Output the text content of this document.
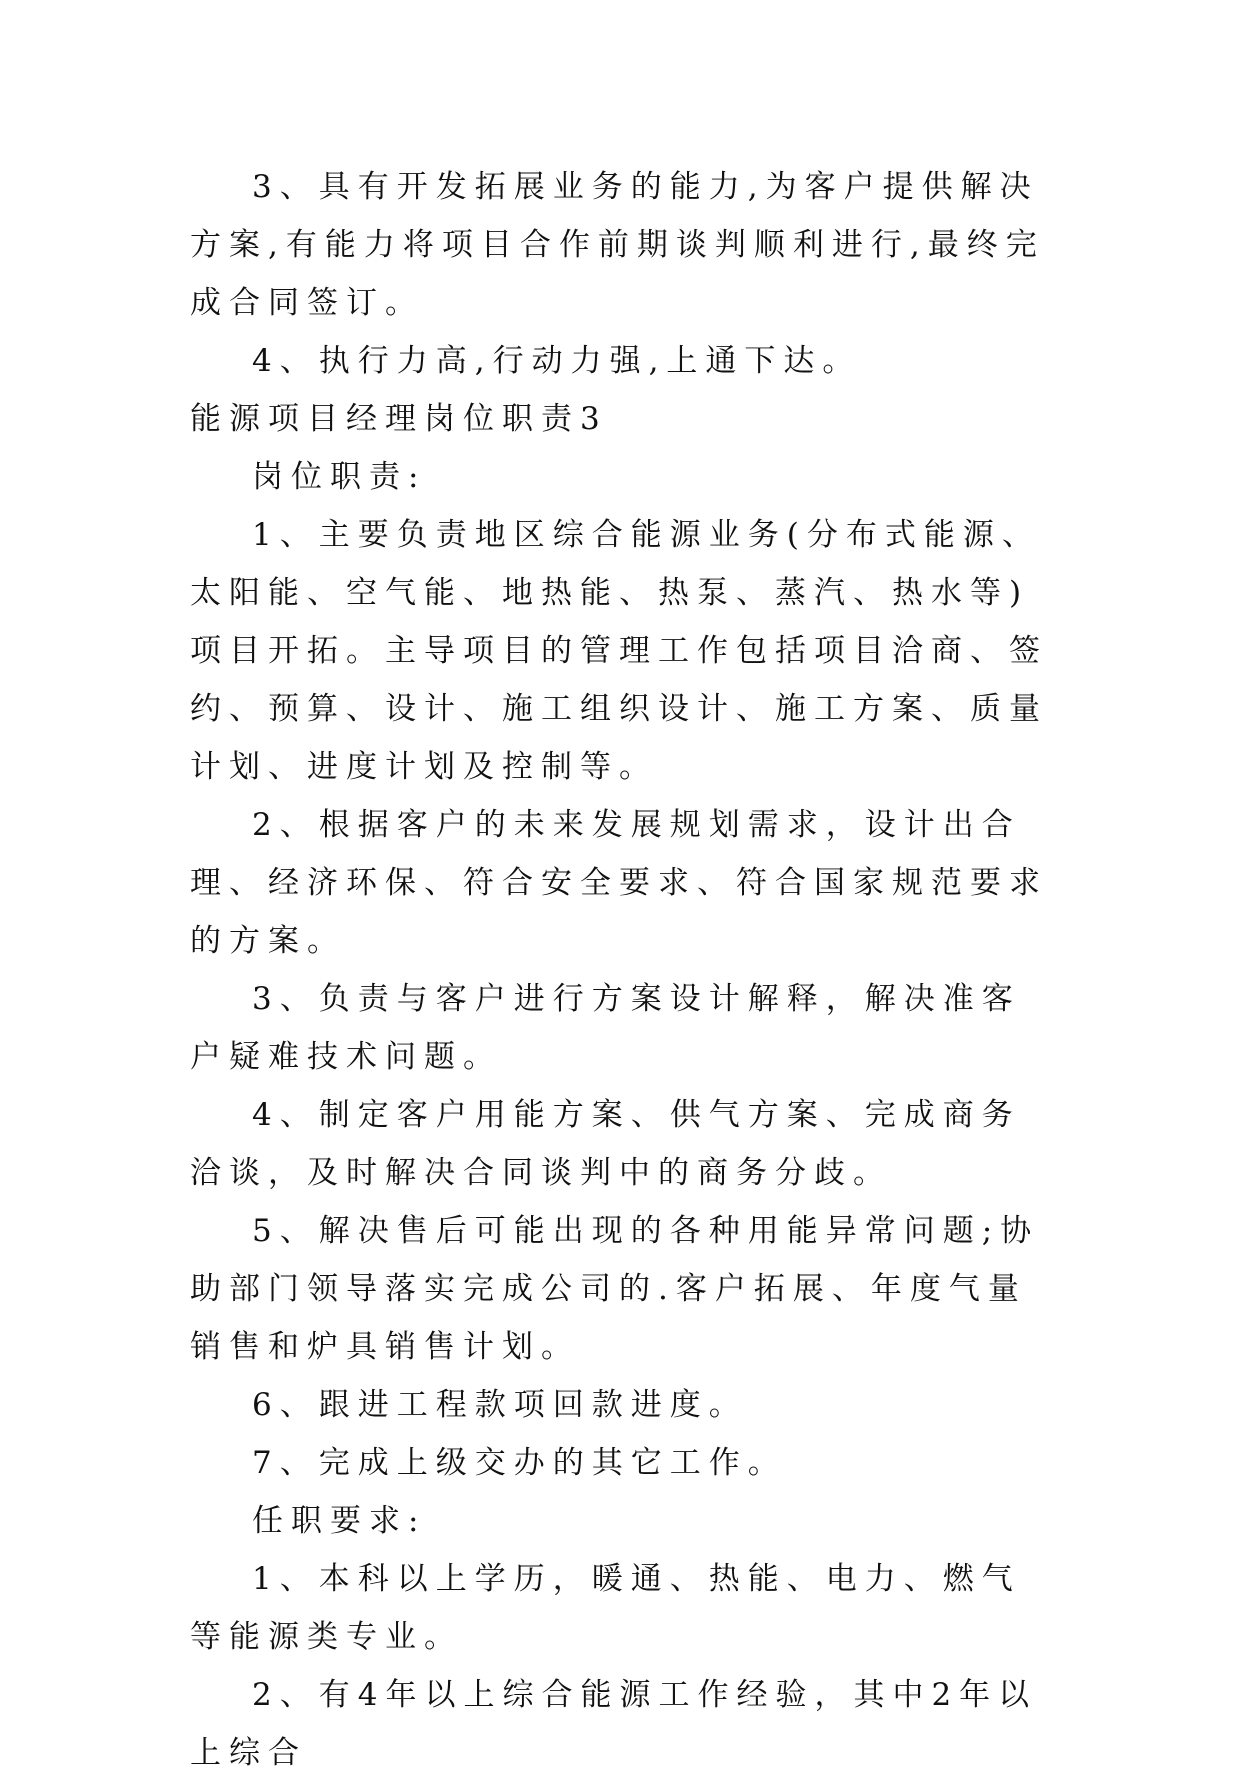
3、具有开发拓展业务的能力,为客户提供解决方案,有能力将项目合作前期谈判顺利进行,最终完成合同签订。

4、执行力高,行动力强,上通下达。

能源项目经理岗位职责3

岗位职责:

1、主要负责地区综合能源业务(分布式能源、太阳能、空气能、地热能、热泵、蒸汽、热水等)项目开拓。主导项目的管理工作包括项目洽商、签约、预算、设计、施工组织设计、施工方案、质量计划、进度计划及控制等。

2、根据客户的未来发展规划需求，设计出合理、经济环保、符合安全要求、符合国家规范要求的方案。

3、负责与客户进行方案设计解释，解决准客户疑难技术问题。

4、制定客户用能方案、供气方案、完成商务洽谈，及时解决合同谈判中的商务分歧。

5、解决售后可能出现的各种用能异常问题;协助部门领导落实完成公司的.客户拓展、年度气量销售和炉具销售计划。

6、跟进工程款项回款进度。

7、完成上级交办的其它工作。

任职要求:

1、本科以上学历，暖通、热能、电力、燃气等能源类专业。

2、有4年以上综合能源工作经验，其中2年以上综合
